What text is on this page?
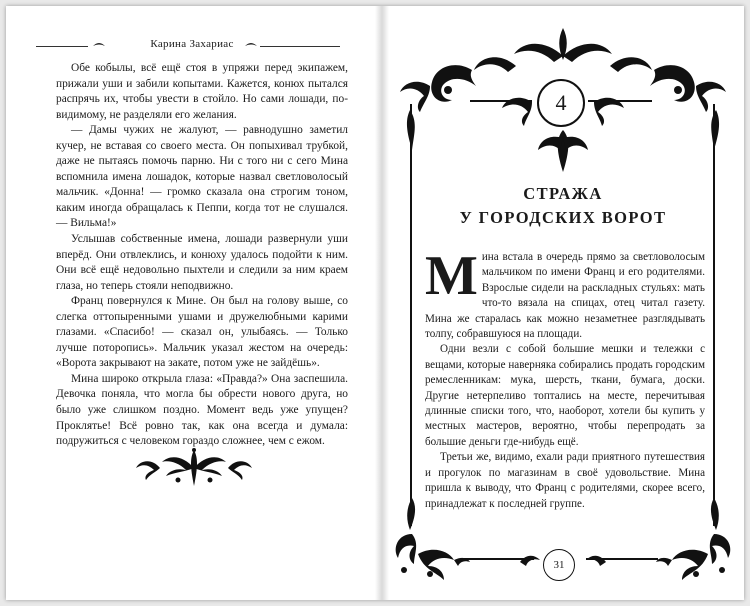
Карина Захариас

Обе кобылы, всё ещё стоя в упряжи перед экипажем, прижали уши и забили копытами. Кажется, конюх пытался распрячь их, чтобы увести в стойло. Но сами лошади, по-видимому, не разделяли его желания.

— Дамы чужих не жалуют, — равнодушно заметил кучер, не вставая со своего места. Он попыхивал трубкой, даже не пытаясь помочь парню. Ни с того ни с сего Мина вспомнила имена лошадок, которые назвал светловолосый мальчик. «Донна! — громко сказала она строгим тоном, каким иногда обращалась к Пеппи, когда тот не слушался. — Вильма!»

Услышав собственные имена, лошади развернули уши вперёд. Они отвлеклись, и конюху удалось подойти к ним. Они всё ещё недовольно пыхтели и следили за ним краем глаза, но теперь стояли неподвижно.

Франц повернулся к Мине. Он был на голову выше, со слегка оттопыренными ушами и дружелюбными карими глазами. «Спасибо! — сказал он, улыбаясь. — Только лучше поторопись». Мальчик указал жестом на очередь: «Ворота закрывают на закате, потом уже не зайдёшь».

Мина широко открыла глаза: «Правда?» Она заспешила. Девочка поняла, что могла бы обрести нового друга, но было уже слишком поздно. Момент ведь уже упущен? Проклятье! Всё ровно так, как она всегда и думала: подружиться с человеком гораздо сложнее, чем с ежом.

4
СТРАЖА
У ГОРОДСКИХ ВОРОТ
М ина встала в очередь прямо за светловолосым мальчиком по имени Франц и его родителями. Взрослые сидели на раскладных стульях: мать что-то вязала на спицах, отец читал газету. Мина же старалась как можно незаметнее разглядывать толпу, собравшуюся на площади.

Одни везли с собой большие мешки и тележки с вещами, которые наверняка собирались продать городским ремесленникам: мука, шерсть, ткани, бумага, доски. Другие нетерпеливо топтались на месте, перечитывая длинные списки того, что, наоборот, хотели бы купить у местных мастеров, вероятно, чтобы перепродать за большие деньги где-нибудь ещё.

Третьи же, видимо, ехали ради приятного путешествия и прогулок по магазинам в своё удовольствие. Мина пришла к выводу, что Франц с родителями, скорее всего, принадлежат к последней группе.

31
